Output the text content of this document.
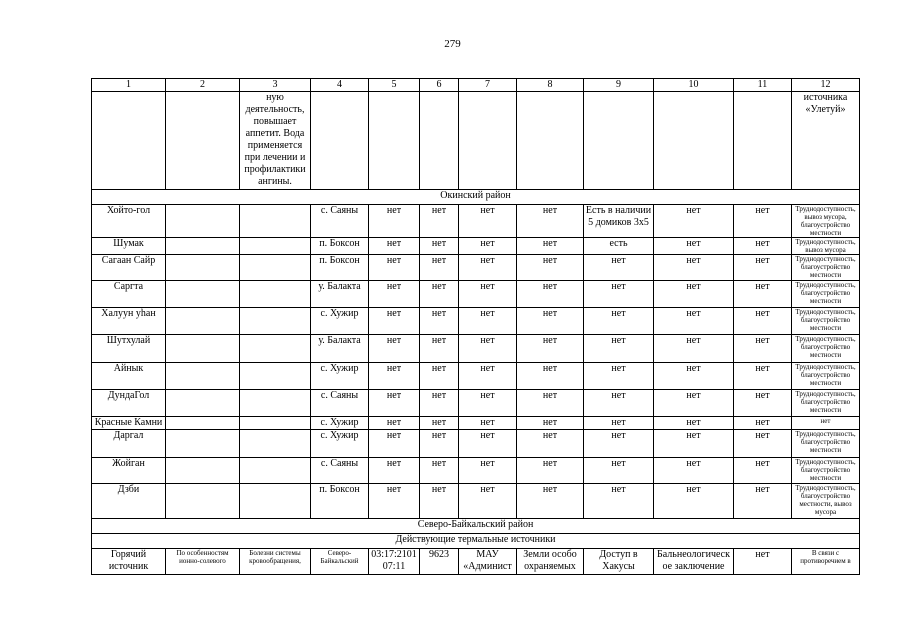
279
1	2	3	4	5	6	7	8	9	10	11	12
		ную деятельность, повышает аппетит. Вода применяется при лечении и профилактики ангины.									источника «Улетуй»
Окинский район											
Хойто-гол			с. Саяны	нет	нет	нет	нет	Есть в наличии 5 домиков 3х5	нет	нет	Труднодоступность, вывоз мусора, благоустройство местности
Шумак			п. Боксон	нет	нет	нет	нет	есть	нет	нет	Труднодоступность, вывоз мусора
Сагаан Сайр			п. Боксон	нет	нет	нет	нет	нет	нет	нет	Труднодоступность, благоустройство местности
Саргта			у. Балакта	нет	нет	нет	нет	нет	нет	нет	Труднодоступность, благоустройство местности
Халуун уһан			с. Хужир	нет	нет	нет	нет	нет	нет	нет	Труднодоступность, благоустройство местности
Шутхулай			у. Балакта	нет	нет	нет	нет	нет	нет	нет	Труднодоступность, благоустройство местности
Айнык			с. Хужир	нет	нет	нет	нет	нет	нет	нет	Труднодоступность, благоустройство местности
ДундаГол			с. Саяны	нет	нет	нет	нет	нет	нет	нет	Труднодоступность, благоустройство местности
Красные Камни			с. Хужир	нет	нет	нет	нет	нет	нет	нет	нет
Даргал			с. Хужир	нет	нет	нет	нет	нет	нет	нет	Труднодоступность, благоустройство местности
Жойган			с. Саяны	нет	нет	нет	нет	нет	нет	нет	Труднодоступность, благоустройство местности
Дзби			п. Боксон	нет	нет	нет	нет	нет	нет	нет	Труднодоступность, благоустройство местности, вывоз мусора
Северо-Байкальский район											
Действующие термальные источники											
Горячий источник	По особенностям ионно-солевого	Болезни системы кровообращения,	Северо-Байкальский	03:17:2101 07:11	9623	МАУ «Админист	Земли особо охраняемых	Доступ в Хакусы	Бальнеологическое заключение	нет	В связи с противоречием в
